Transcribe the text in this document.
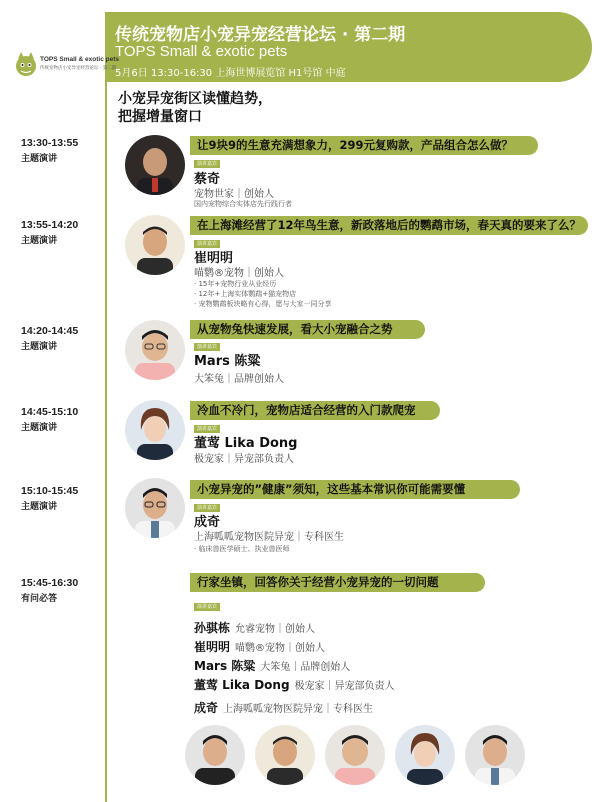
传统宠物店小宠异宠经营论坛 · 第二期
TOPS Small & exotic pets
5月6日 13:30-16:30 上海世博展览馆 H1号馆 中庭
TOPS Small & exotic pets
传统宠物店小宠异宠经营论坛 · 第二期
小宠异宠街区读懂趋势，
把握增量窗口
13:30-13:55
主题演讲
让9块9的生意充满想象力，299元复购款，产品组合怎么做？
演讲嘉宾
蔡奇
宠物世家｜创始人
国内宠物综合实体店先行践行者
13:55-14:20
主题演讲
在上海滩经营了12年鸟生意，新政落地后的鹦鹉市场，春天真的要来了么？
演讲嘉宾
崔明明
喵鹦®宠物｜创始人
· 15年+宠物行业从业经历
· 12年+上海实体鹦鹉+猫宠物店
· 宠物鹦鹉板块略有心得，愿与大家一同分享
14:20-14:45
主题演讲
从宠物兔快速发展，看大小宠融合之势
演讲嘉宾
Mars 陈粱
大笨兔｜品牌创始人
14:45-15:10
主题演讲
冷血不冷门，宠物店适合经营的入门款爬宠
演讲嘉宾
董莺 Lika Dong
极宠家｜异宠部负责人
15:10-15:45
主题演讲
小宠异宠的”健康”须知，这些基本常识你可能需要懂
演讲嘉宾
成奇
上海呱呱宠物医院异宠｜专科医生
· 临床兽医学硕士、执业兽医师
15:45-16:30
有问必答
行家坐镇，回答你关于经营小宠异宠的一切问题
演讲嘉宾
孙骐栋 允睿宠物｜创始人
崔明明 喵鹦®宠物｜创始人
Mars 陈粱 大笨兔｜品牌创始人
董莺 Lika Dong 极宠家｜异宠部负责人
成奇 上海呱呱宠物医院异宠｜专科医生
